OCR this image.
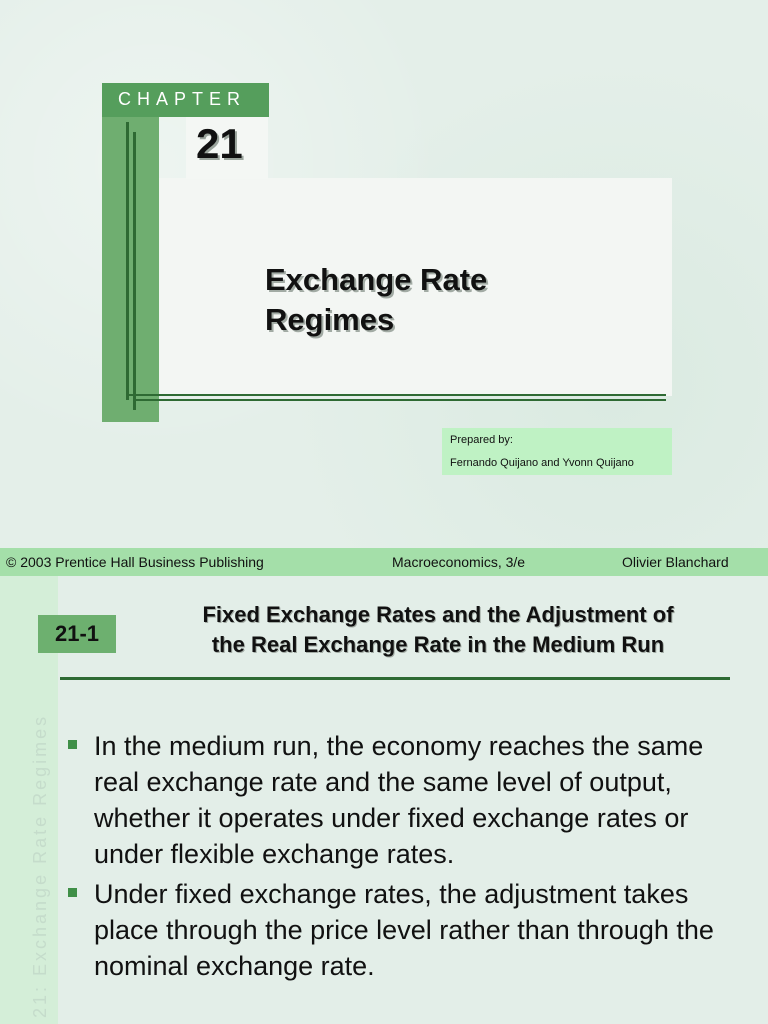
CHAPTER
21
Exchange Rate
Regimes
Prepared by:
Fernando Quijano and Yvonn Quijano
© 2003 Prentice Hall Business Publishing	Macroeconomics, 3/e	Olivier Blanchard
21: Exchange Rate Regimes
21-1
Fixed Exchange Rates and the Adjustment of
the Real Exchange Rate in the Medium Run
In the medium run, the economy reaches the same real exchange rate and the same level of output, whether it operates under fixed exchange rates or under flexible exchange rates.
Under fixed exchange rates, the adjustment takes place through the price level rather than through the nominal exchange rate.
